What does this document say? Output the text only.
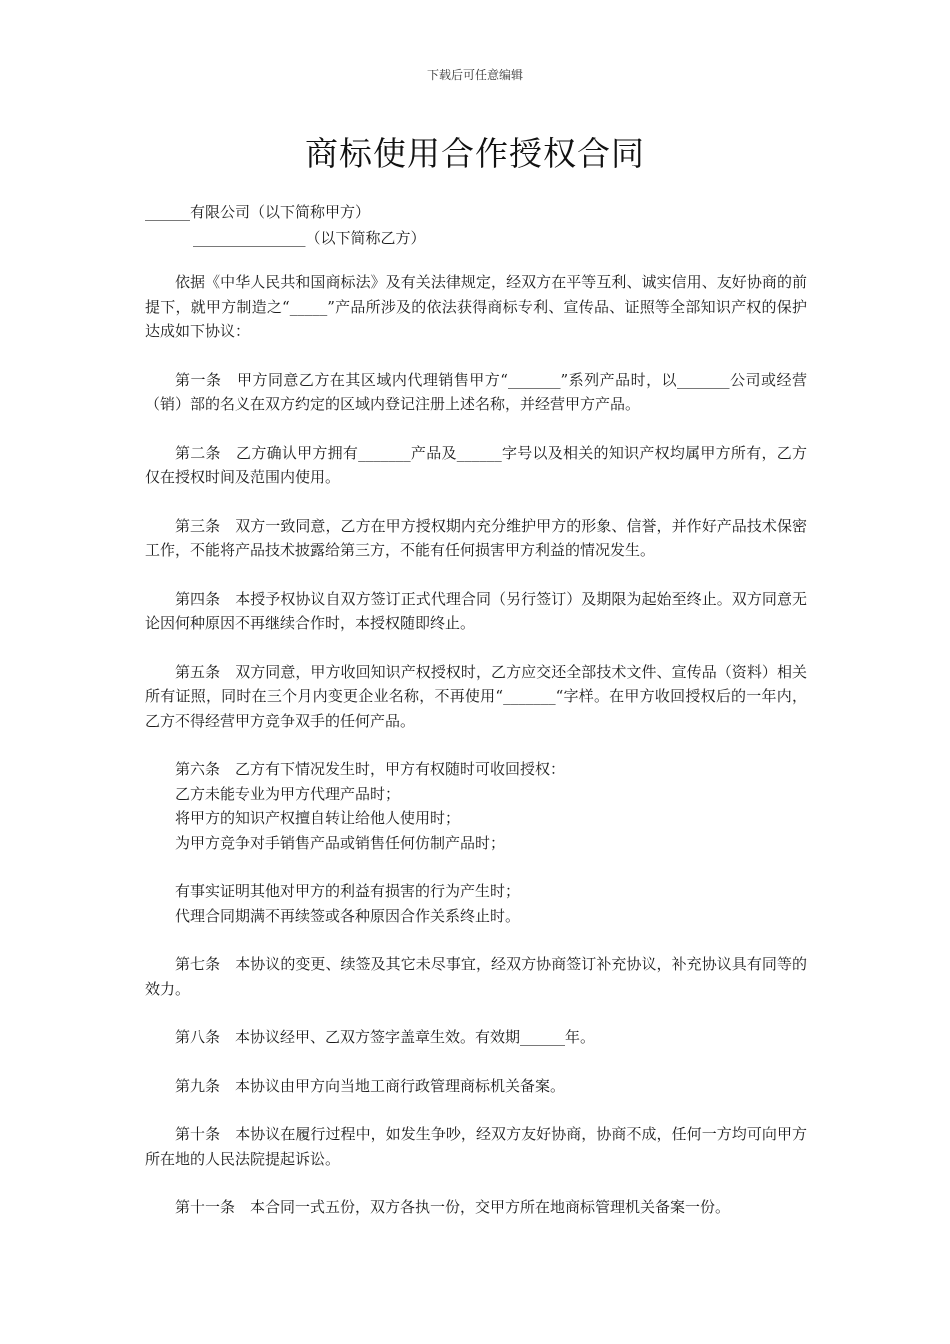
下载后可任意编辑
商标使用合作授权合同
______有限公司（以下简称甲方）
_______________（以下简称乙方）

依据《中华人民共和国商标法》及有关法律规定，经双方在平等互利、诚实信用、友好协商的前提下，就甲方制造之“_____”产品所涉及的依法获得商标专利、宣传品、证照等全部知识产权的保护达成如下协议：

第一条　甲方同意乙方在其区域内代理销售甲方“_______”系列产品时，以_______公司或经营（销）部的名义在双方约定的区域内登记注册上述名称，并经营甲方产品。

第二条　乙方确认甲方拥有_______产品及______字号以及相关的知识产权均属甲方所有，乙方仅在授权时间及范围内使用。

第三条　双方一致同意，乙方在甲方授权期内充分维护甲方的形象、信誉，并作好产品技术保密工作，不能将产品技术披露给第三方，不能有任何损害甲方利益的情况发生。

第四条　本授予权协议自双方签订正式代理合同（另行签订）及期限为起始至终止。双方同意无论因何种原因不再继续合作时，本授权随即终止。

第五条　双方同意，甲方收回知识产权授权时，乙方应交还全部技术文件、宣传品（资料）相关所有证照，同时在三个月内变更企业名称，不再使用“_______“字样。在甲方收回授权后的一年内，乙方不得经营甲方竞争双手的任何产品。

第六条　乙方有下情况发生时，甲方有权随时可收回授权：

乙方未能专业为甲方代理产品时；

将甲方的知识产权擅自转让给他人使用时；

为甲方竞争对手销售产品或销售任何仿制产品时；

有事实证明其他对甲方的利益有损害的行为产生时；

代理合同期满不再续签或各种原因合作关系终止时。

第七条　本协议的变更、续签及其它未尽事宜，经双方协商签订补充协议，补充协议具有同等的效力。

第八条　本协议经甲、乙双方签字盖章生效。有效期______年。

第九条　本协议由甲方向当地工商行政管理商标机关备案。

第十条　本协议在履行过程中，如发生争吵，经双方友好协商，协商不成，任何一方均可向甲方所在地的人民法院提起诉讼。

第十一条　本合同一式五份，双方各执一份，交甲方所在地商标管理机关备案一份。
